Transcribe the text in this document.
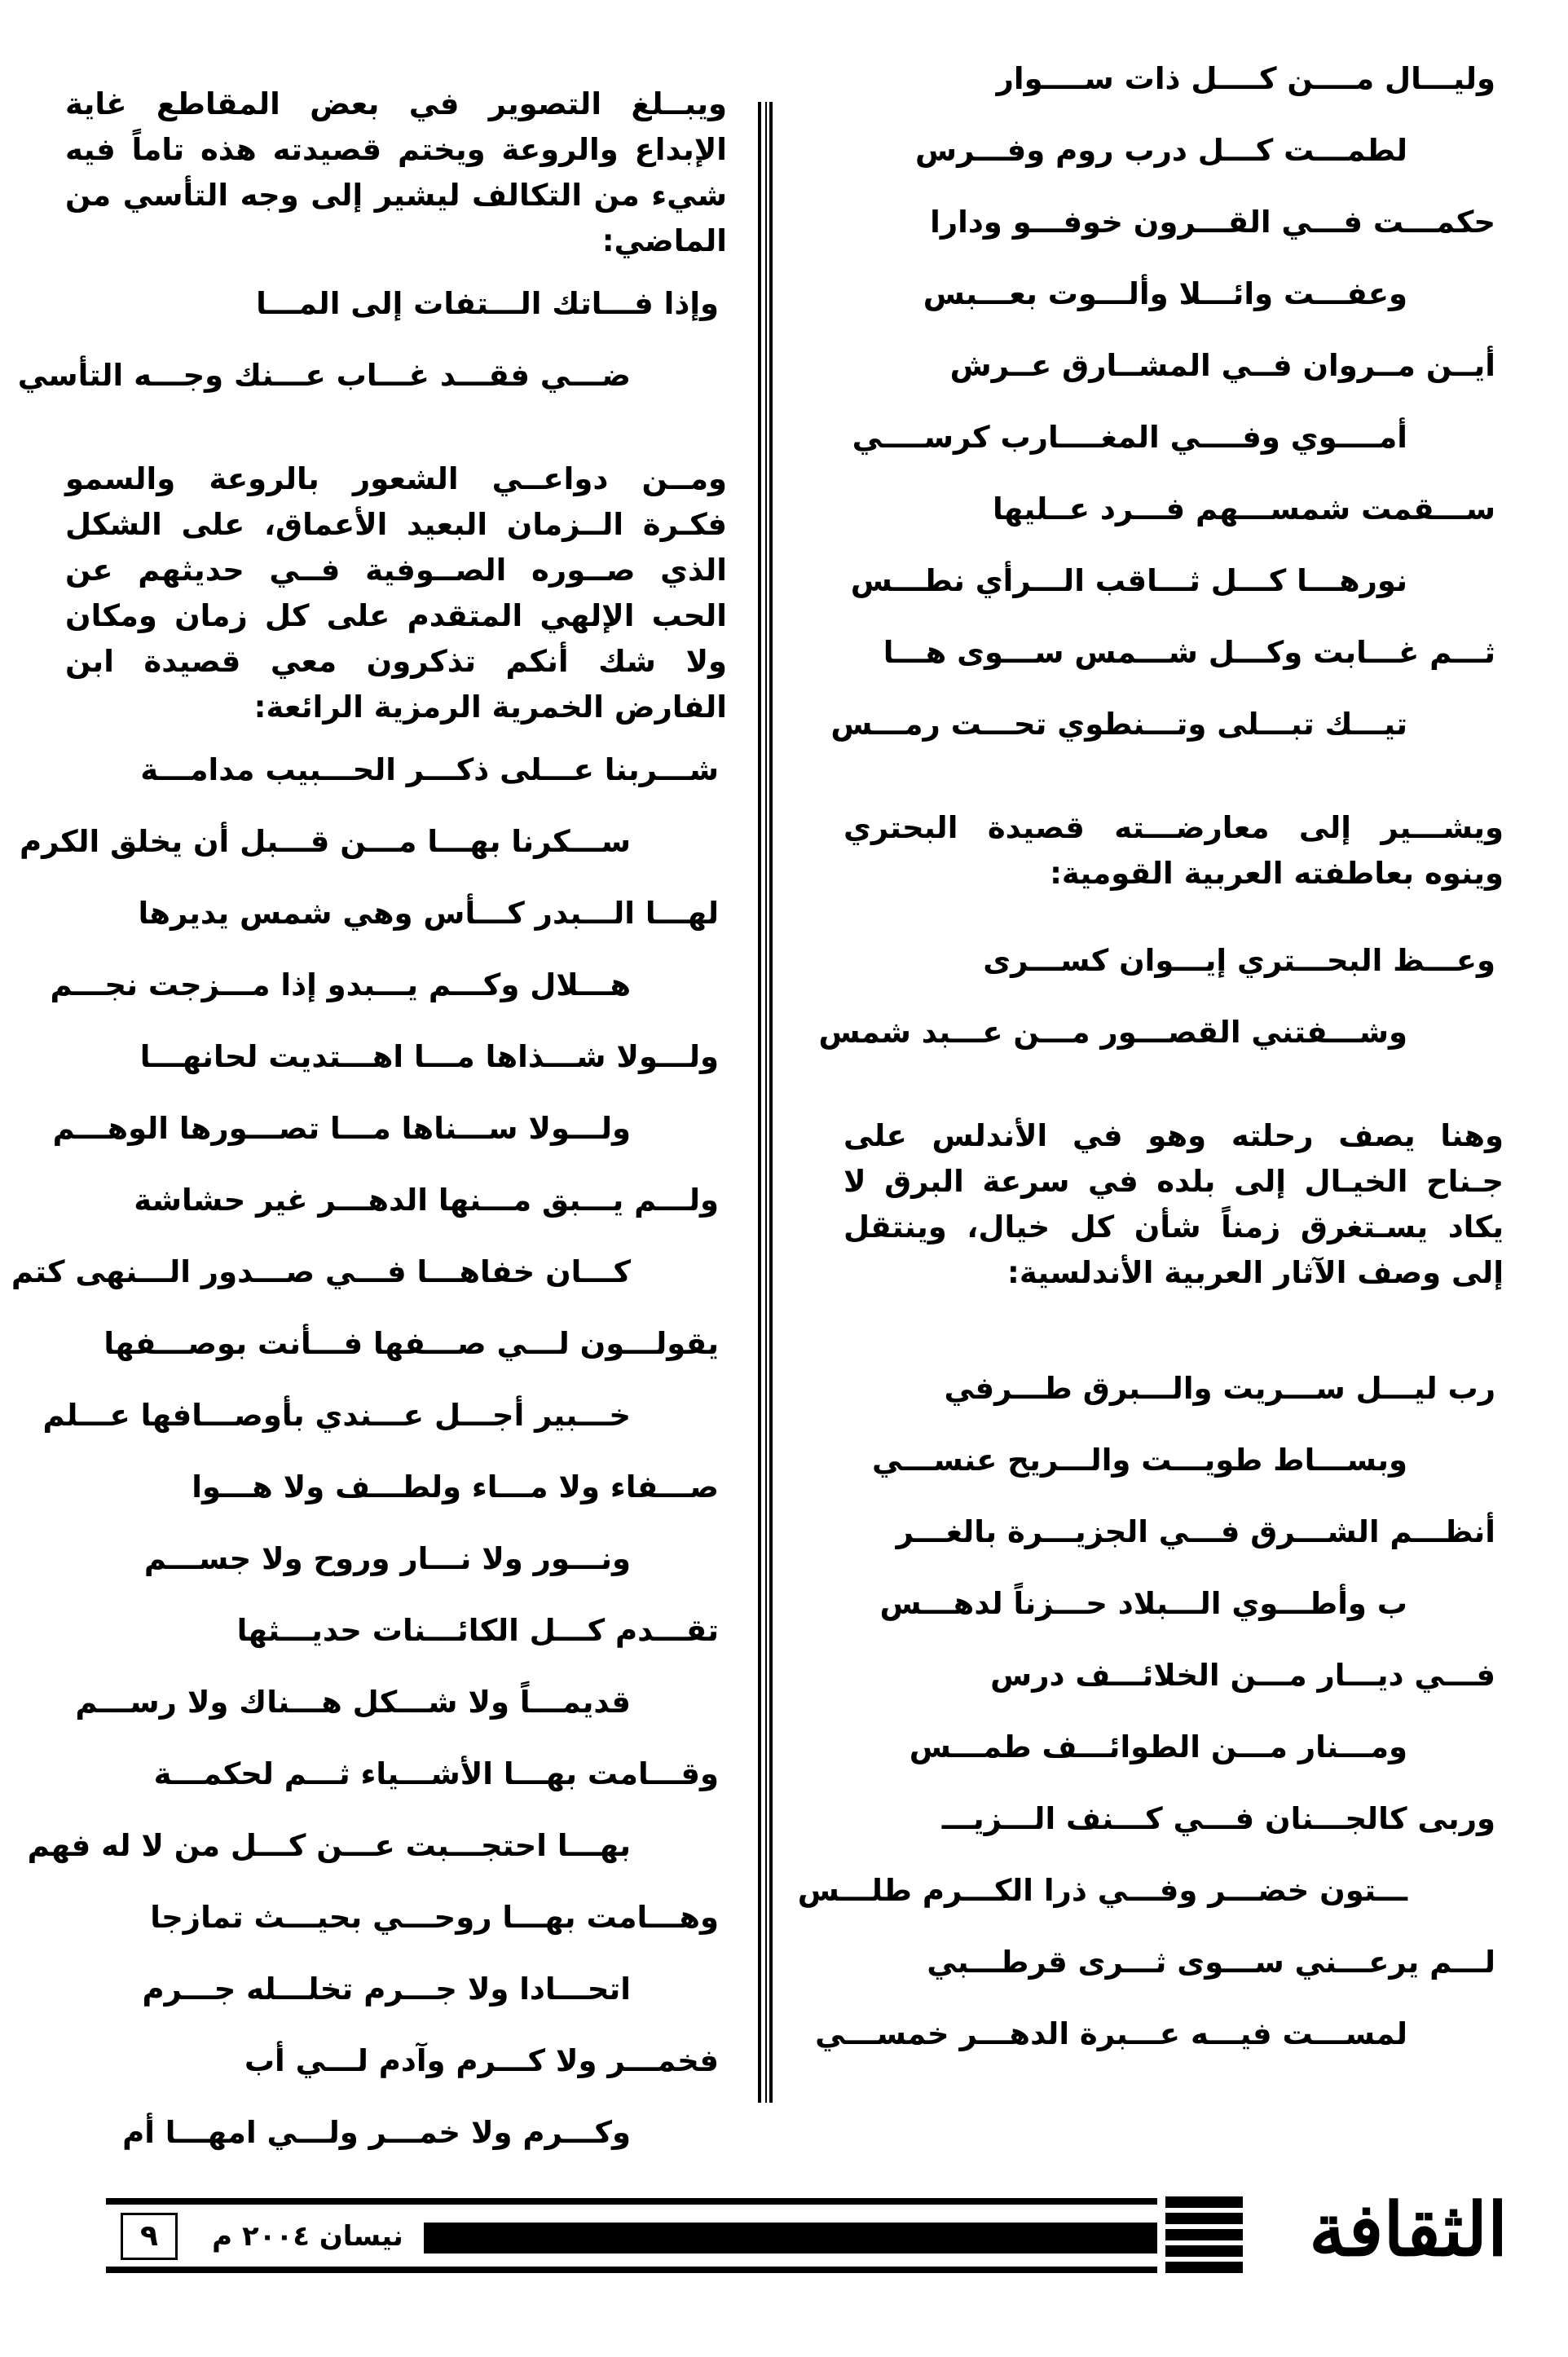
وليـــال مــــن كــــل ذات ســــوار
لطمـــت كـــل درب روم وفـــرس
حكمـــت فـــي القـــرون خوفـــو ودارا
وعفـــت وائـــلا وألـــوت بعـــبس
أيــن مــروان فــي المشــارق عــرش
أمــــوي وفــــي المغــــارب كرســــي
ســـقمت شمســـهم فـــرد عــليها
نورهـــا كـــل ثـــاقب الـــرأي نطـــس
ثـــم غـــابت وكـــل شـــمس ســـوى هـــا
تيـــك تبـــلى وتـــنطوي تحـــت رمـــس
ويشـــير إلى معارضـــته قصيدة البحتري وينوه بعاطفته العربية القومية:
وعـــظ البحـــتري إيـــوان كســـرى
وشـــفتني القصـــور مـــن عـــبد شمس
وهنا يصف رحلته وهو في الأندلس على جـناح الخيـال إلى بلده في سرعة البرق لا يكاد يسـتغرق زمناً شأن كل خيال، وينتقل إلى وصف الآثار العربية الأندلسية:
رب ليـــل ســـريت والـــبرق طـــرفي
وبســـاط طويـــت والـــريح عنســـي
أنظـــم الشـــرق فـــي الجزيـــرة بالغـــر
ب وأطـــوي الـــبلاد حـــزناً لدهـــس
فـــي ديـــار مـــن الخلائـــف درس
ومـــنار مـــن الطوائـــف طمـــس
وربى كالجـــنان فـــي كـــنف الـــزيـــ
ـــتون خضـــر وفـــي ذرا الكـــرم طلـــس
لـــم يرعـــني ســـوى ثـــرى قرطـــبي
لمســـت فيـــه عـــبرة الدهـــر خمســـي
ويبــلغ التصوير في بعض المقاطع غاية الإبداع والروعة ويختم قصيدته هذه تاماً فيه شيء من التكالف ليشير إلى وجه التأسي من الماضي:
وإذا فـــاتك الـــتفات إلى المـــا
ضـــي فقـــد غـــاب عـــنك وجـــه التأسي
ومــن دواعــي الشعور بالروعة والسمو فكـرة الــزمان البعيد الأعماق، على الشكل الذي صــوره الصــوفية فــي حديثهم عن الحب الإلهي المتقدم على كل زمان ومكان ولا شك أنكم تذكرون معي قصيدة ابن الفارض الخمرية الرمزية الرائعة:
شـــربنا عـــلى ذكـــر الحـــبيب مدامـــة
ســـكرنا بهـــا مـــن قـــبل أن يخلق الكرم
لهـــا الـــبدر كـــأس وهي شمس يديرها
هـــلال وكـــم يـــبدو إذا مـــزجت نجـــم
ولـــولا شـــذاها مـــا اهـــتديت لحانهـــا
ولـــولا ســـناها مـــا تصـــورها الوهـــم
ولـــم يـــبق مـــنها الدهـــر غير حشاشة
كـــان خفاهـــا فـــي صـــدور الـــنهى كتم
يقولـــون لـــي صـــفها فـــأنت بوصـــفها
خـــبير أجـــل عـــندي بأوصـــافها عـــلم
صـــفاء ولا مـــاء ولطـــف ولا هـــوا
ونـــور ولا نـــار وروح ولا جســـم
تقـــدم كـــل الكائـــنات حديـــثها
قديمـــاً ولا شـــكل هـــناك ولا رســـم
وقـــامت بهـــا الأشـــياء ثـــم لحكمـــة
بهـــا احتجـــبت عـــن كـــل من لا له فهم
وهـــامت بهـــا روحـــي بحيـــث تمازجا
اتحـــادا ولا جـــرم تخلـــله جـــرم
فخمـــر ولا كـــرم وآدم لـــي أب
وكـــرم ولا خمـــر ولـــي امهـــا أم
٩	نيسان ٢٠٠٤ م	الثقافة
